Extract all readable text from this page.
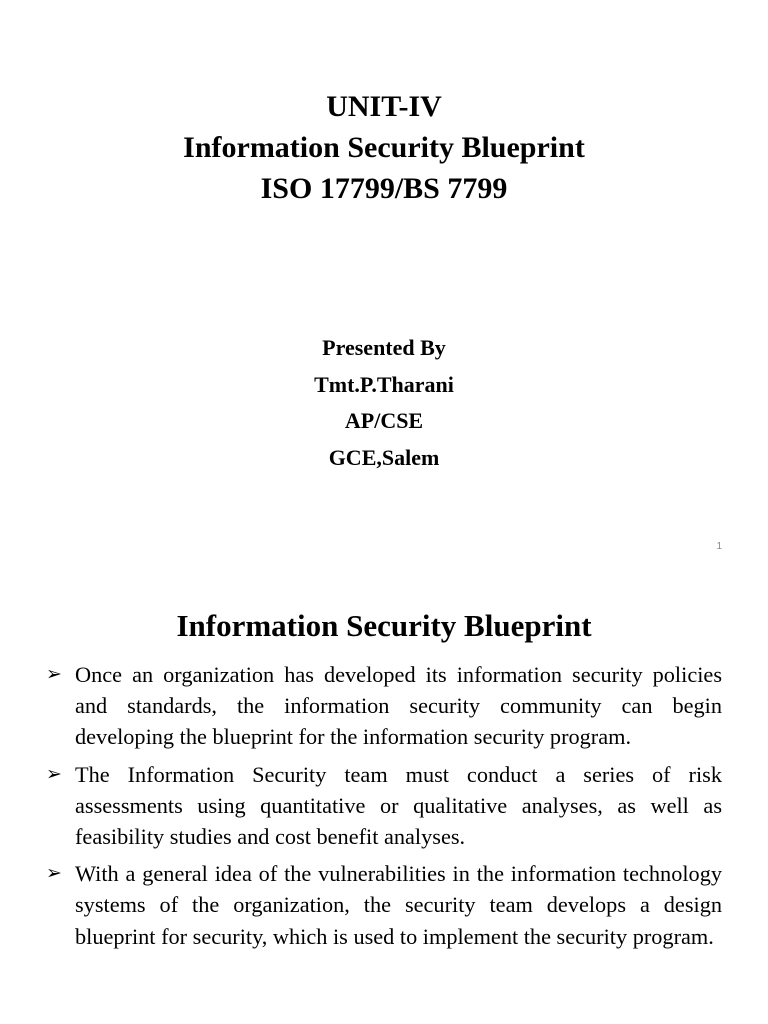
UNIT-IV
Information Security Blueprint
ISO 17799/BS 7799
Presented By
Tmt.P.Tharani
AP/CSE
GCE,Salem
1
Information Security Blueprint
➢ Once an organization has developed its information security policies and standards, the information security community can begin developing the blueprint for the information security program.
➢ The Information Security team must conduct a series of risk assessments using quantitative or qualitative analyses, as well as feasibility studies and cost benefit analyses.
➢ With a general idea of the vulnerabilities in the information technology systems of the organization, the security team develops a design blueprint for security, which is used to implement the security program.
